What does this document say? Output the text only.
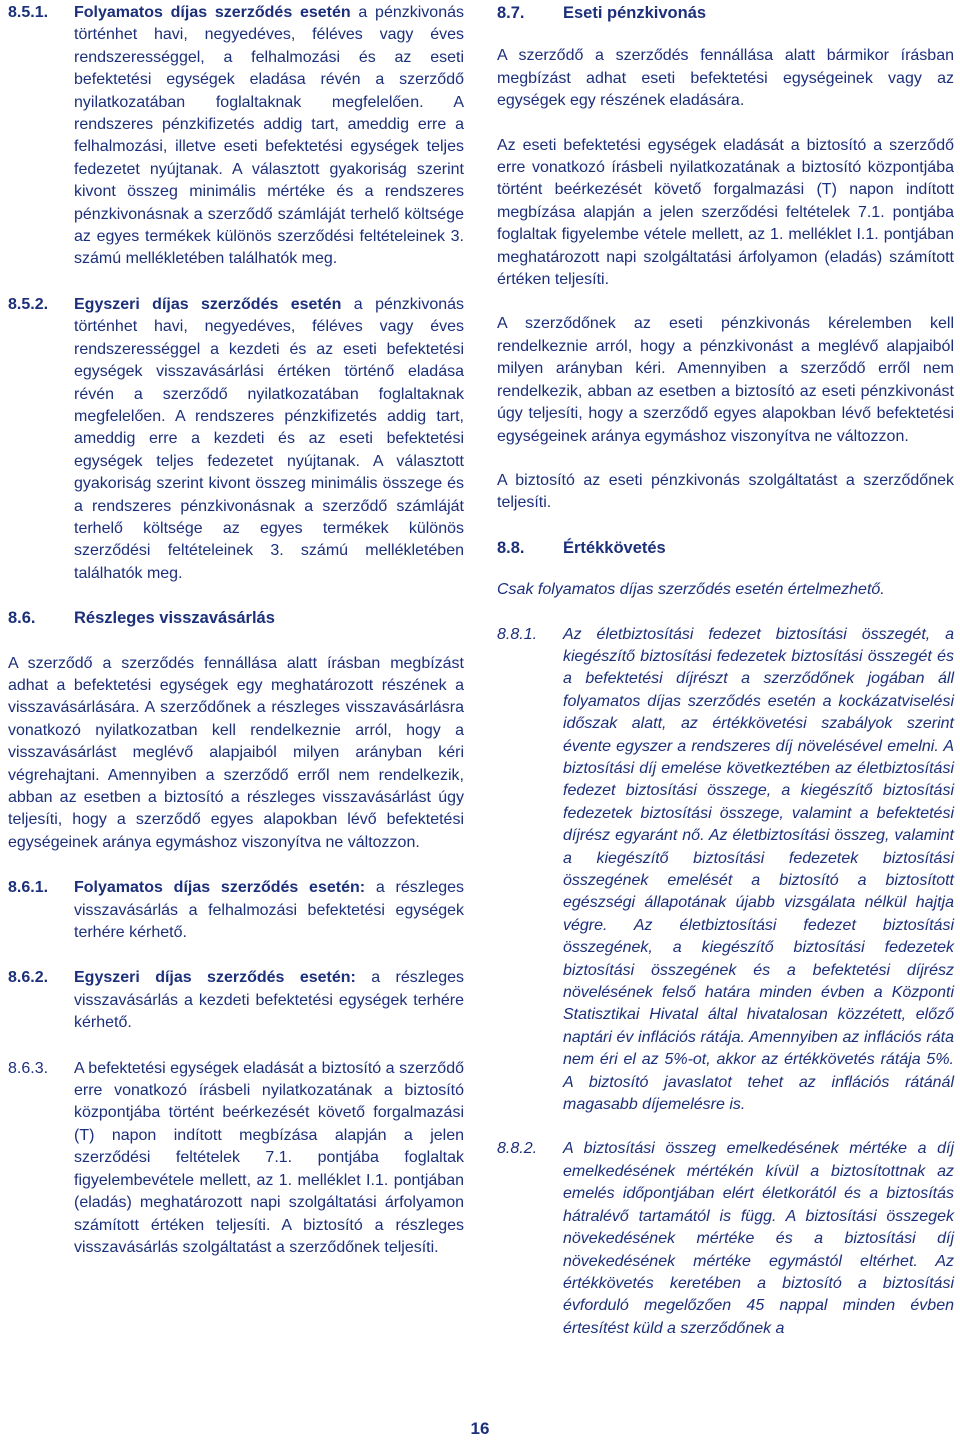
8.5.1. Folyamatos díjas szerződés esetén a pénzkivonás történhet havi, negyedéves, féléves vagy éves rendszerességgel, a felhalmozási és az eseti befektetési egységek eladása révén a szerződő nyilatkozatában foglaltaknak megfelelően. A rendszeres pénzkifizetés addig tart, ameddig erre a felhalmozási, illetve eseti befektetési egységek teljes fedezetet nyújtanak. A választott gyakoriság szerint kivont összeg minimális mértéke és a rendszeres pénzkivonásnak a szerződő számláját terhelő költsége az egyes termékek különös szerződési feltételeinek 3. számú mellékletében találhatók meg.
8.5.2. Egyszeri díjas szerződés esetén a pénzkivonás történhet havi, negyedéves, féléves vagy éves rendszerességgel a kezdeti és az eseti befektetési egységek visszavásárlási értéken történő eladása révén a szerződő nyilatkozatában foglaltaknak megfelelően. A rendszeres pénzkifizetés addig tart, ameddig erre a kezdeti és az eseti befektetési egységek teljes fedezetet nyújtanak. A választott gyakoriság szerint kivont összeg minimális összege és a rendszeres pénzkivonásnak a szerződő számláját terhelő költsége az egyes termékek különös szerződési feltételeinek 3. számú mellékletében találhatók meg.
8.6.	Részleges visszavásárlás

A szerződő a szerződés fennállása alatt írásban megbízást adhat a befektetési egységek egy meghatározott részének a visszavásárlására. A szerződőnek a részleges visszavásárlásra vonatkozó nyilatkozatban kell rendelkeznie arról, hogy a visszavásárlást meglévő alapjaiból milyen arányban kéri végrehajtani. Amennyiben a szerződő erről nem rendelkezik, abban az esetben a biztosító a részleges visszavásárlást úgy teljesíti, hogy a szerződő egyes alapokban lévő befektetési egységeinek aránya egymáshoz viszonyítva ne változzon.

8.6.1. Folyamatos díjas szerződés esetén: a részleges visszavásárlás a felhalmozási befektetési egységek terhére kérhető.
8.6.2. Egyszeri díjas szerződés esetén: a részleges visszavásárlás a kezdeti befektetési egységek terhére kérhető.
8.6.3. A befektetési egységek eladását a biztosító a szerződő erre vonatkozó írásbeli nyilatkozatának a biztosító központjába történt beérkezését követő forgalmazási (T) napon indított megbízása alapján a jelen szerződési feltételek 7.1. pontjába foglaltak figyelembevétele mellett, az 1. melléklet I.1. pontjában (eladás) meghatározott napi szolgáltatási árfolyamon számított értéken teljesíti. A biztosító a részleges visszavásárlás szolgáltatást a szerződőnek teljesíti.
8.7.	Eseti pénzkivonás

A szerződő a szerződés fennállása alatt bármikor írásban megbízást adhat eseti befektetési egységeinek vagy az egységek egy részének eladására.

Az eseti befektetési egységek eladását a biztosító a szerződő erre vonatkozó írásbeli nyilatkozatának a biztosító központjába történt beérkezését követő forgalmazási (T) napon indított megbízása alapján a jelen szerződési feltételek 7.1. pontjába foglaltak figyelembe vétele mellett, az 1. melléklet I.1. pontjában meghatározott napi szolgáltatási árfolyamon (eladás) számított értéken teljesíti.

A szerződőnek az eseti pénzkivonás kérelemben kell rendelkeznie arról, hogy a pénzkivonást a meglévő alapjaiból milyen arányban kéri. Amennyiben a szerződő erről nem rendelkezik, abban az esetben a biztosító az eseti pénzkivonást úgy teljesíti, hogy a szerződő egyes alapokban lévő befektetési egységeinek aránya egymáshoz viszonyítva ne változzon.

A biztosító az eseti pénzkivonás szolgáltatást a szerződőnek teljesíti.

8.8.	Értékkövetés

Csak folyamatos díjas szerződés esetén értelmezhető.

8.8.1. Az életbiztosítási fedezet biztosítási összegét, a kiegészítő biztosítási fedezetek biztosítási összegét és a befektetési díjrészt a szerződőnek jogában áll folyamatos díjas szerződés esetén a kockázatviselési időszak alatt, az értékkövetési szabályok szerint évente egyszer a rendszeres díj növelésével emelni. A biztosítási díj emelése következtében az életbiztosítási fedezet biztosítási összege, a kiegészítő biztosítási fedezetek biztosítási összege, valamint a befektetési díjrész egyaránt nő. Az életbiztosítási összeg, valamint a kiegészítő biztosítási fedezetek biztosítási összegének emelését a biztosító a biztosított egészségi állapotának újabb vizsgálata nélkül hajtja végre. Az életbiztosítási fedezet biztosítási összegének, a kiegészítő biztosítási fedezetek biztosítási összegének és a befektetési díjrész növelésének felső határa minden évben a Központi Statisztikai Hivatal által hivatalosan közzétett, előző naptári év inflációs rátája. Amennyiben az inflációs ráta nem éri el az 5%-ot, akkor az értékkövetés rátája 5%. A biztosító javaslatot tehet az inflációs rátánál magasabb díjemelésre is.
8.8.2. A biztosítási összeg emelkedésének mértéke a díj emelkedésének mértékén kívül a biztosítottnak az emelés időpontjában elért életkorától és a biztosítás hátralévő tartamától is függ. A biztosítási összegek növekedésének mértéke és a biztosítási díj növekedésének mértéke egymástól eltérhet. Az értékkövetés keretében a biztosító a biztosítási évforduló megelőzően 45 nappal minden évben értesítést küld a szerződőnek a
16
